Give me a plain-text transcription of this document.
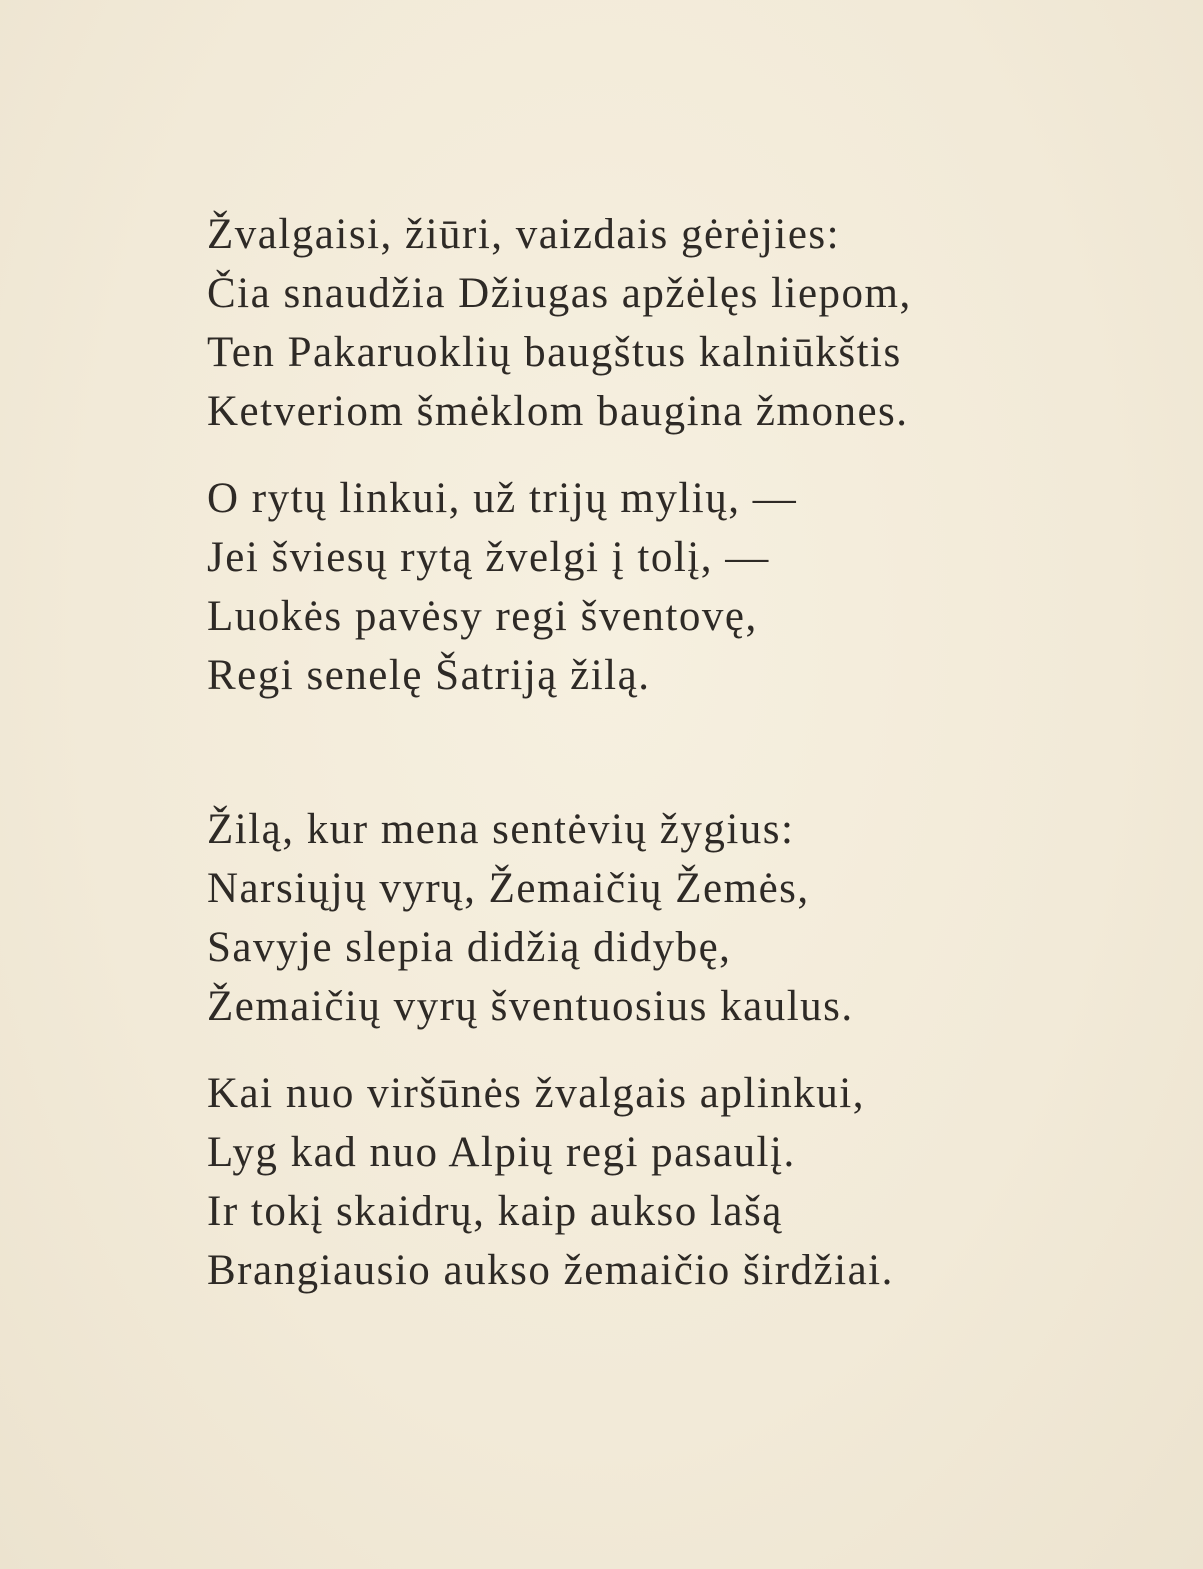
Žvalgaisi, žiūri, vaizdais gėrėjies:
Čia snaudžia Džiugas apžėlęs liepom,
Ten Pakaruoklių baugštus kalniūkštis
Ketveriom šmėklom baugina žmones.
O rytų linkui, už trijų mylių, —
Jei šviesų rytą žvelgi į tolį, —
Luokės pavėsy regi šventovę,
Regi senelę Šatriją žilą.
Žilą, kur mena sentėvių žygius:
Narsiųjų vyrų, Žemaičių Žemės,
Savyje slepia didžią didybę,
Žemaičių vyrų šventuosius kaulus.
Kai nuo viršūnės žvalgais aplinkui,
Lyg kad nuo Alpių regi pasaulį.
Ir tokį skaidrų, kaip aukso lašą
Brangiausio aukso žemaičio širdžiai.
